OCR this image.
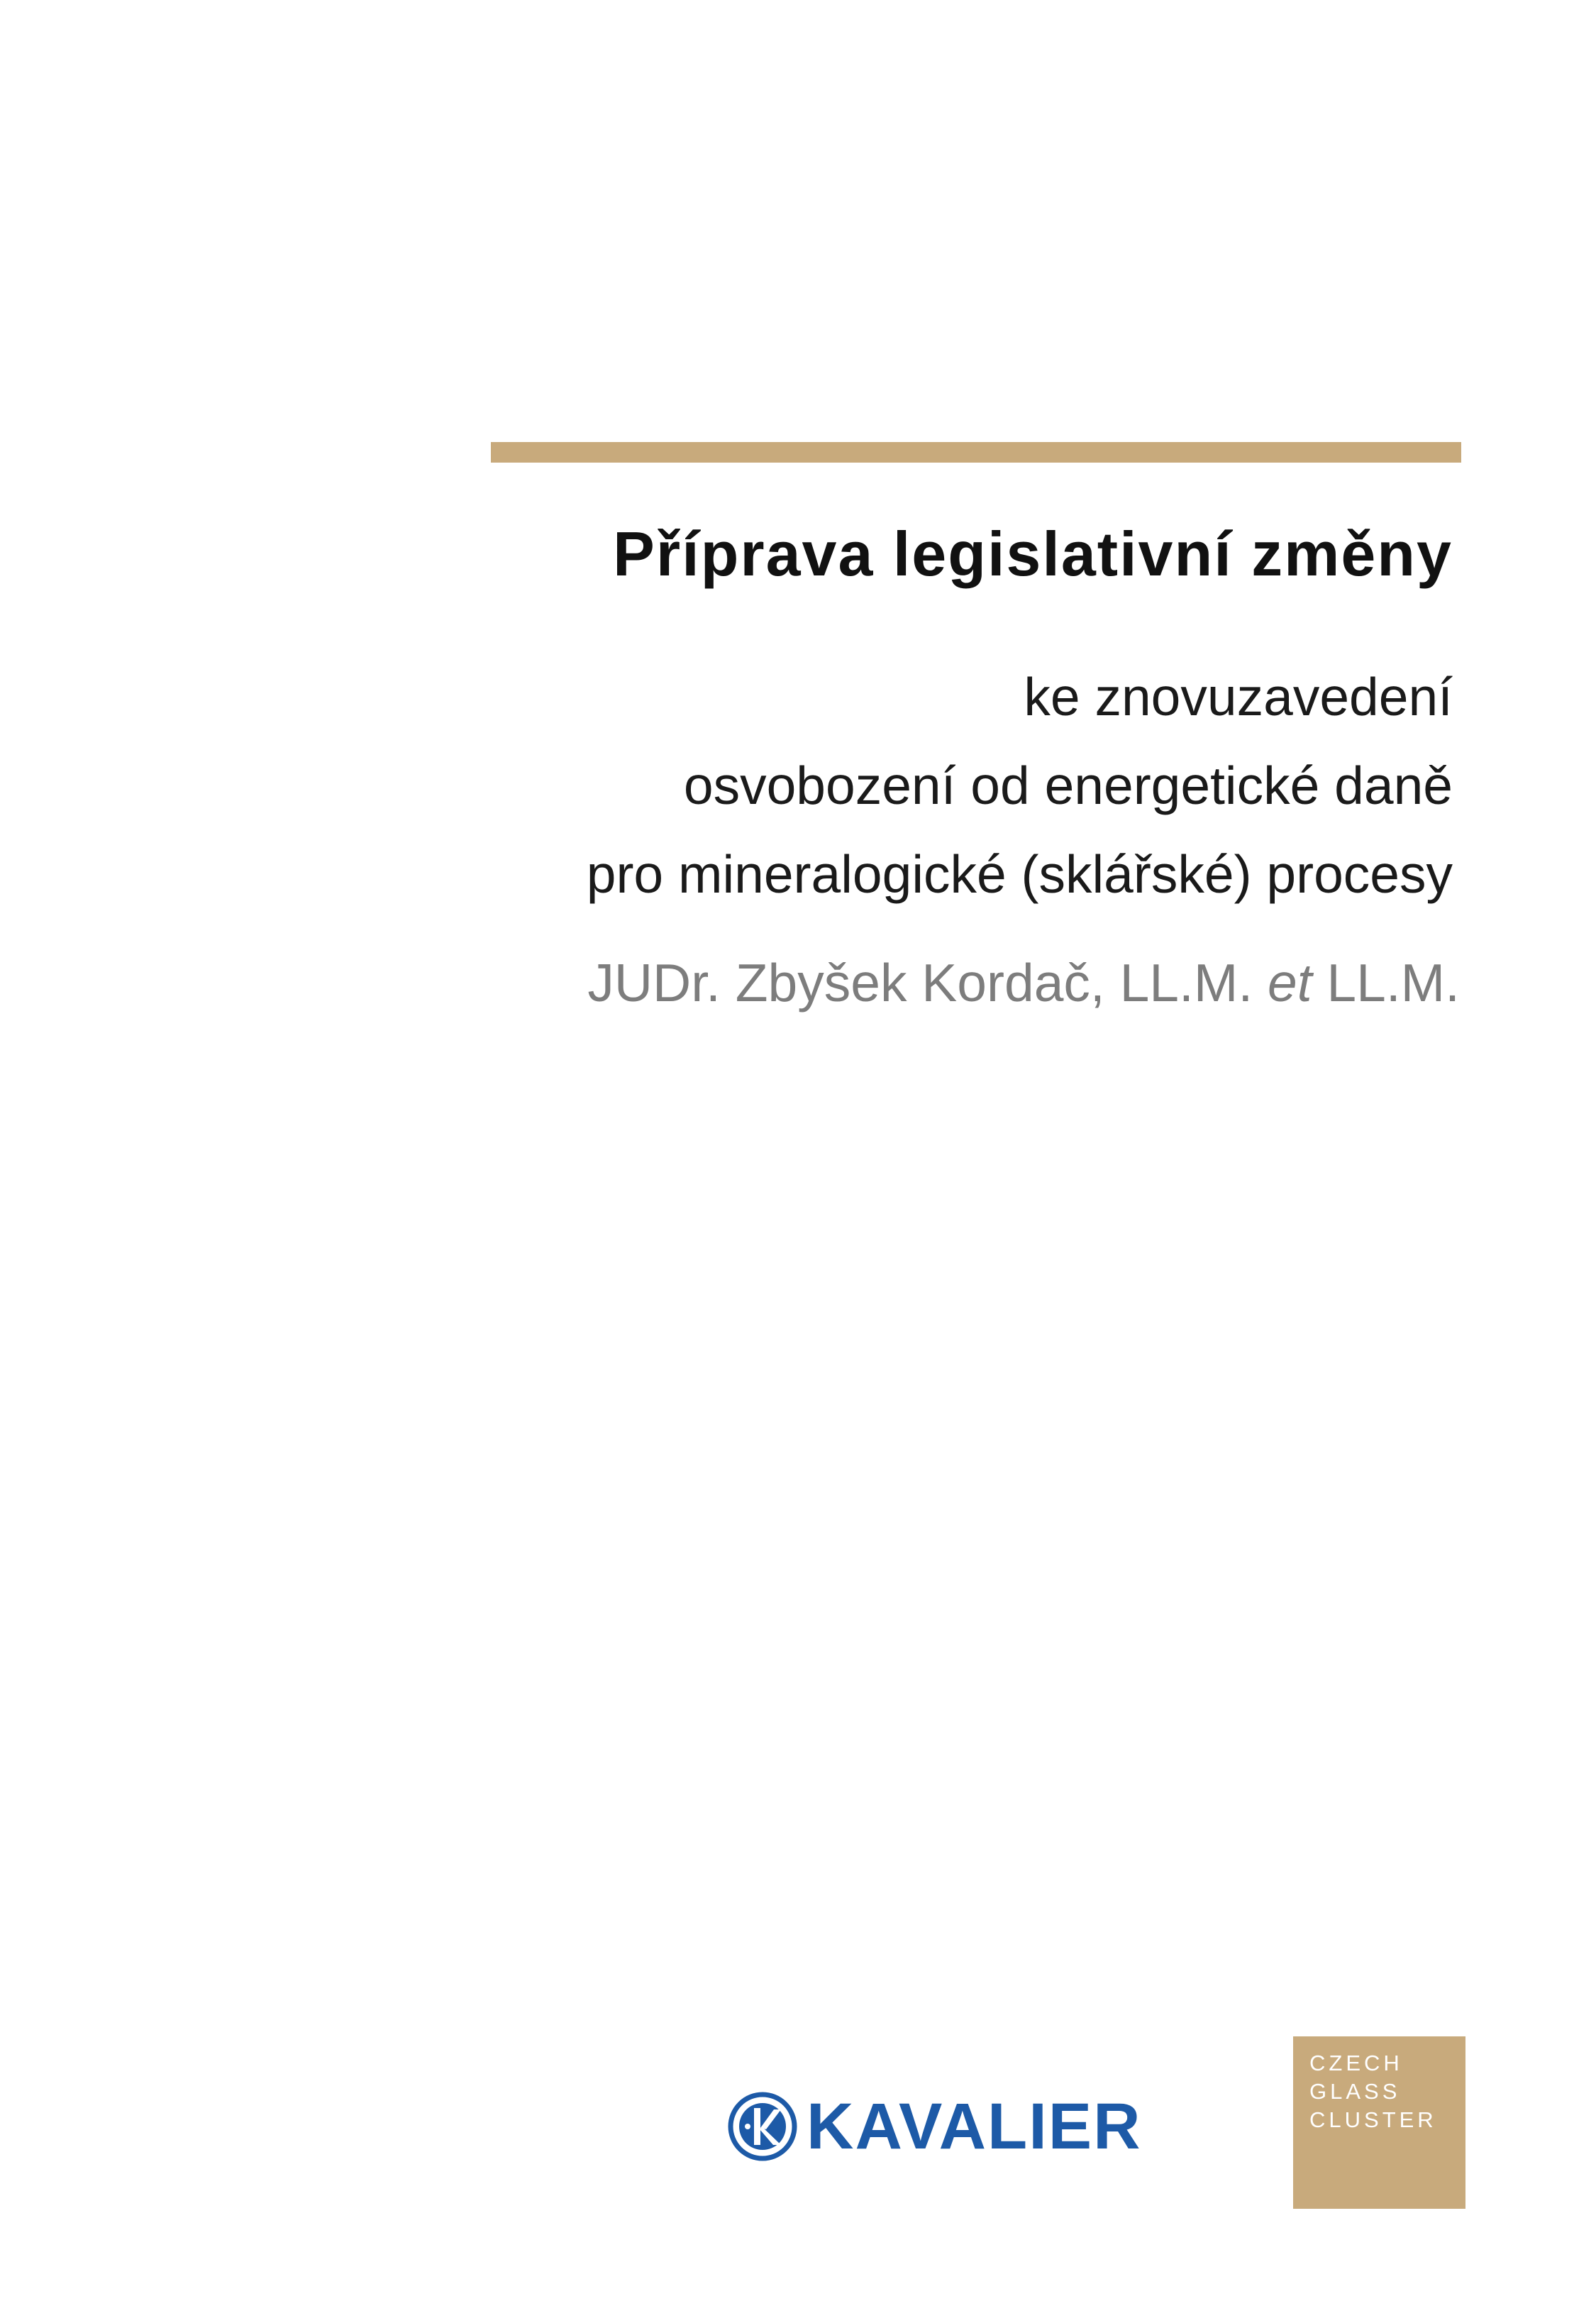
Příprava legislativní změny
ke znovuzavedení
osvobození od energetické daně
pro mineralogické (sklářské) procesy

JUDr. Zbyšek Kordač, LL.M. et LL.M.

KAVALIER
CZECH
GLASS
CLUSTER
